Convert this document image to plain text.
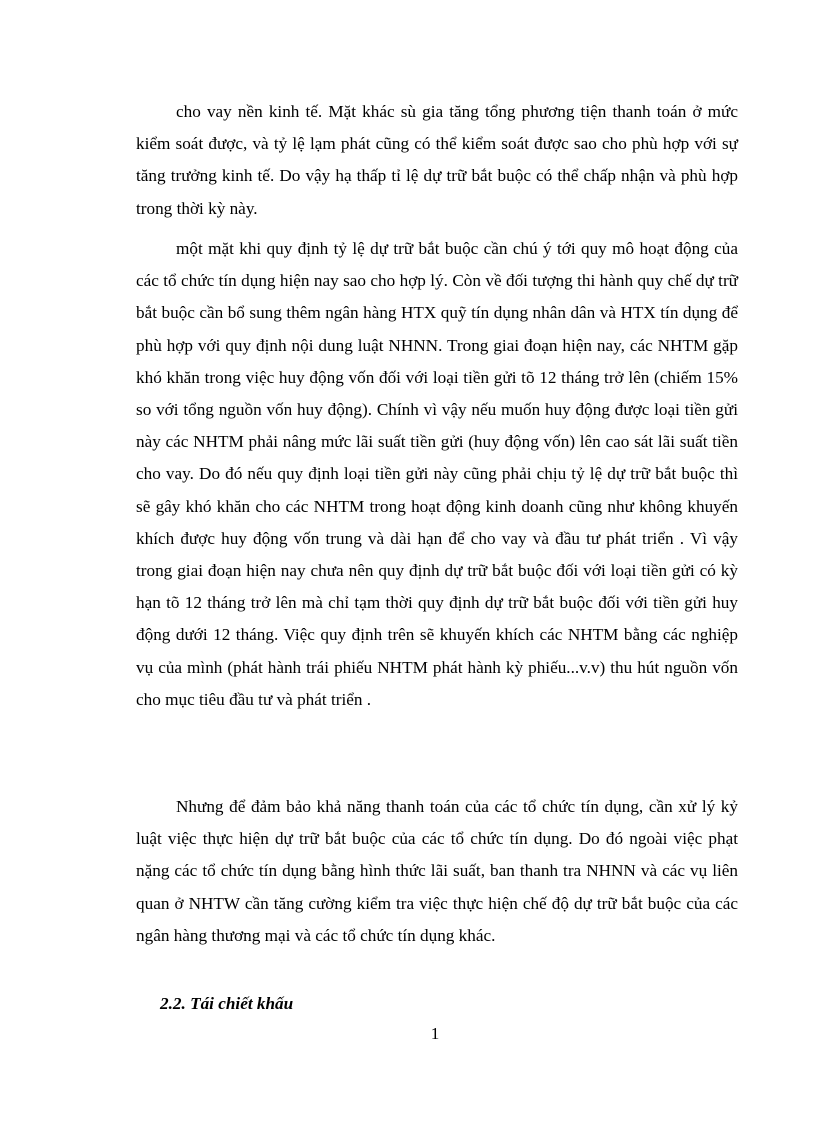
cho vay nền kinh tế. Mặt khác sù gia tăng tổng phương tiện thanh toán ở mức kiểm soát được, và tỷ lệ lạm phát cũng có thể kiểm soát được sao cho phù hợp với sự tăng trưởng kinh tế. Do vậy hạ thấp tỉ lệ dự trữ bắt buộc có thể chấp nhận và phù hợp trong thời kỳ này.

một mặt khi quy định tỷ lệ dự trữ bắt buộc cần chú ý tới quy mô hoạt động của các tổ chức tín dụng hiện nay sao cho hợp lý. Còn về đối tượng thi hành quy chế dự trữ bắt buộc cần bổ sung thêm ngân hàng HTX quỹ tín dụng nhân dân và HTX tín dụng để phù hợp với quy định nội dung luật NHNN. Trong giai đoạn hiện nay, các NHTM gặp khó khăn trong việc huy động vốn đối với loại tiền gửi tõ 12 tháng trở lên (chiếm 15% so với tổng nguồn vốn huy động). Chính vì vậy nếu muốn huy động được loại tiền gửi này các NHTM phải nâng mức lãi suất tiền gửi (huy động vốn) lên cao sát lãi suất tiền cho vay. Do đó nếu quy định loại tiền gửi này cũng phải chịu tỷ lệ dự trữ bắt buộc thì sẽ gây khó khăn cho các NHTM trong hoạt động kinh doanh cũng như không khuyến khích được huy động vốn trung và dài hạn để cho vay và đầu tư phát triển . Vì vậy trong giai đoạn hiện nay chưa nên quy định dự trữ bắt buộc đối với loại tiền gửi có kỳ hạn tõ 12 tháng trở lên mà chỉ tạm thời quy định dự trữ bắt buộc đối với tiền gửi huy động dưới 12 tháng. Việc quy định trên sẽ khuyến khích các NHTM bằng các nghiệp vụ của mình (phát hành trái phiếu NHTM phát hành kỳ phiếu...v.v) thu hút nguồn vốn cho mục tiêu đầu tư và phát triển .

Nhưng để đảm bảo khả năng thanh toán của các tổ chức tín dụng, cần xử lý kỷ luật việc thực hiện dự trữ bắt buộc của các tổ chức tín dụng. Do đó ngoài việc phạt nặng các tổ chức tín dụng bằng hình thức lãi suất, ban thanh tra NHNN và các vụ liên quan ở NHTW cần tăng cường kiểm tra việc thực hiện chế độ dự trữ bắt buộc của các ngân hàng thương mại và các tổ chức tín dụng khác.

2.2. Tái chiết khấu
1
